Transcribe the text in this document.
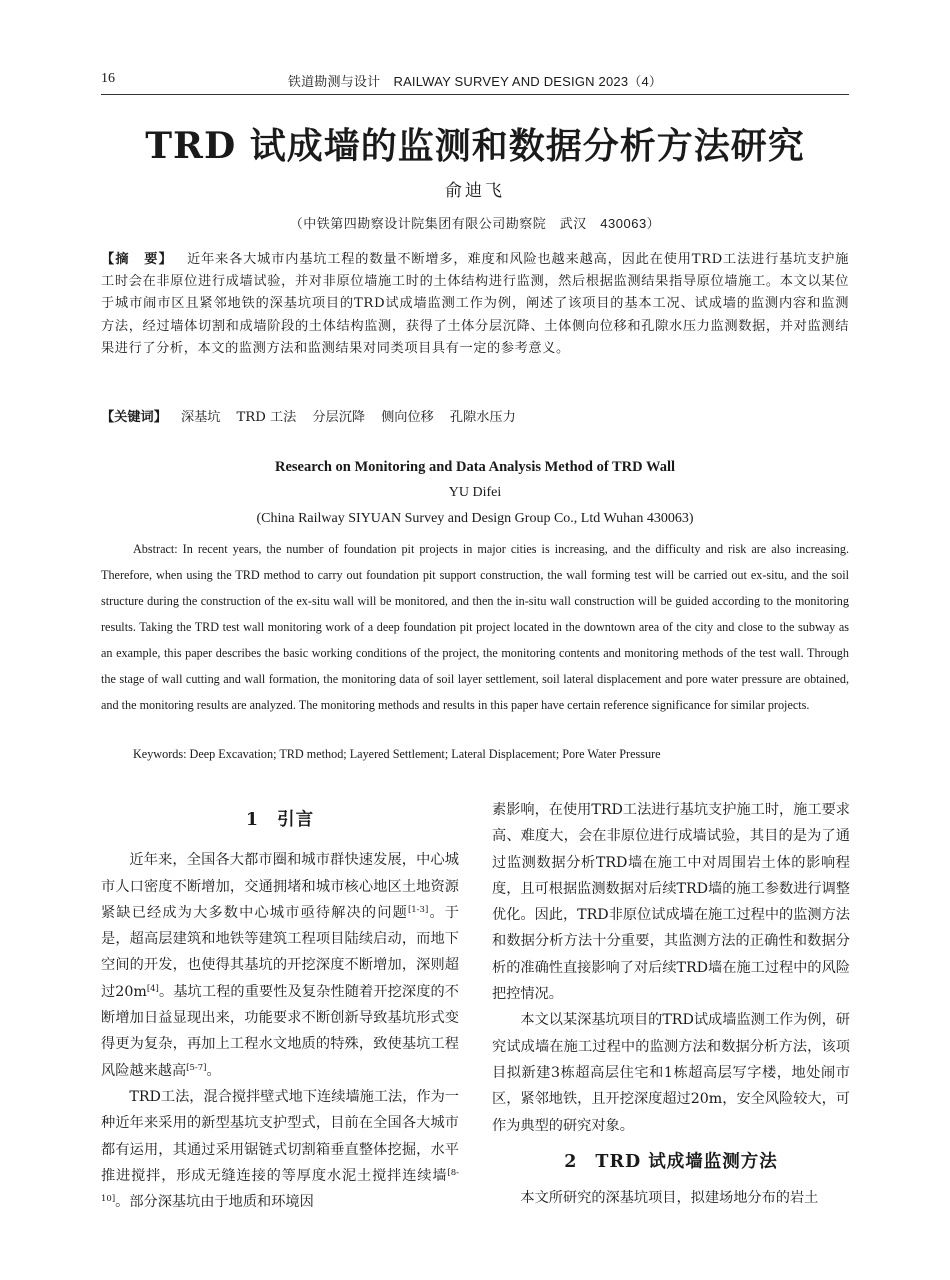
16	铁道勘测与设计　RAILWAY SURVEY AND DESIGN 2023（4）
TRD 试成墙的监测和数据分析方法研究
俞迪飞
（中铁第四勘察设计院集团有限公司勘察院　武汉　430063）
【摘　要】 近年来各大城市内基坑工程的数量不断增多，难度和风险也越来越高，因此在使用TRD工法进行基坑支护施工时会在非原位进行成墙试验，并对非原位墙施工时的土体结构进行监测，然后根据监测结果指导原位墙施工。本文以某位于城市闹市区且紧邻地铁的深基坑项目的TRD试成墙监测工作为例，阐述了该项目的基本工况、试成墙的监测内容和监测方法，经过墙体切割和成墙阶段的土体结构监测，获得了土体分层沉降、土体侧向位移和孔隙水压力监测数据，并对监测结果进行了分析，本文的监测方法和监测结果对同类项目具有一定的参考意义。
【关键词】 深基坑 TRD 工法 分层沉降 侧向位移 孔隙水压力
Research on Monitoring and Data Analysis Method of TRD Wall
YU Difei
(China Railway SIYUAN Survey and Design Group Co., Ltd Wuhan 430063)
Abstract: In recent years, the number of foundation pit projects in major cities is increasing, and the difficulty and risk are also increasing. Therefore, when using the TRD method to carry out foundation pit support construction, the wall forming test will be carried out ex-situ, and the soil structure during the construction of the ex-situ wall will be monitored, and then the in-situ wall construction will be guided according to the monitoring results. Taking the TRD test wall monitoring work of a deep foundation pit project located in the downtown area of the city and close to the subway as an example, this paper describes the basic working conditions of the project, the monitoring contents and monitoring methods of the test wall. Through the stage of wall cutting and wall formation, the monitoring data of soil layer settlement, soil lateral displacement and pore water pressure are obtained, and the monitoring results are analyzed. The monitoring methods and results in this paper have certain reference significance for similar projects.
Keywords: Deep Excavation; TRD method; Layered Settlement; Lateral Displacement; Pore Water Pressure
1 引言

近年来，全国各大都市圈和城市群快速发展，中心城市人口密度不断增加，交通拥堵和城市核心地区土地资源紧缺已经成为大多数中心城市亟待解决的问题[1-3]。于是，超高层建筑和地铁等建筑工程项目陆续启动，而地下空间的开发，也使得其基坑的开挖深度不断增加，深则超过20m[4]。基坑工程的重要性及复杂性随着开挖深度的不断增加日益显现出来，功能要求不断创新导致基坑形式变得更为复杂，再加上工程水文地质的特殊，致使基坑工程风险越来越高[5-7]。

TRD工法，混合搅拌壁式地下连续墙施工法，作为一种近年来采用的新型基坑支护型式，目前在全国各大城市都有运用，其通过采用锯链式切割箱垂直整体挖掘，水平推进搅拌，形成无缝连接的等厚度水泥土搅拌连续墙[8-10]。部分深基坑由于地质和环境因

素影响，在使用TRD工法进行基坑支护施工时，施工要求高、难度大，会在非原位进行成墙试验，其目的是为了通过监测数据分析TRD墙在施工中对周围岩土体的影响程度，且可根据监测数据对后续TRD墙的施工参数进行调整优化。因此，TRD非原位试成墙在施工过程中的监测方法和数据分析方法十分重要，其监测方法的正确性和数据分析的准确性直接影响了对后续TRD墙在施工过程中的风险把控情况。

本文以某深基坑项目的TRD试成墙监测工作为例，研究试成墙在施工过程中的监测方法和数据分析方法，该项目拟新建3栋超高层住宅和1栋超高层写字楼，地处闹市区，紧邻地铁，且开挖深度超过20m，安全风险较大，可作为典型的研究对象。

2 TRD 试成墙监测方法

本文所研究的深基坑项目，拟建场地分布的岩土
